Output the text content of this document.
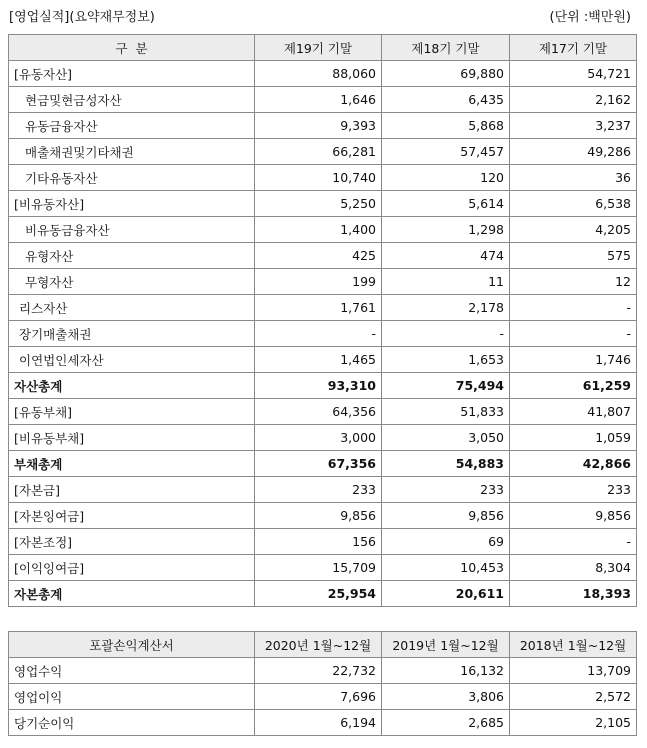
[영업실적](요약재무정보)	(단위 :백만원)
구  분	제19기 기말	제18기 기말	제17기 기말
[유동자산]	88,060	69,880	54,721
현금및현금성자산	1,646	6,435	2,162
유동금융자산	9,393	5,868	3,237
매출채권및기타채권	66,281	57,457	49,286
기타유동자산	10,740	120	36
[비유동자산]	5,250	5,614	6,538
비유동금융자산	1,400	1,298	4,205
유형자산	425	474	575
무형자산	199	11	12
리스자산	1,761	2,178	-
장기매출채권	-	-	-
이연법인세자산	1,465	1,653	1,746
자산총계	93,310	75,494	61,259
[유동부채]	64,356	51,833	41,807
[비유동부채]	3,000	3,050	1,059
부채총계	67,356	54,883	42,866
[자본금]	233	233	233
[자본잉여금]	9,856	9,856	9,856
[자본조정]	156	69	-
[이익잉여금]	15,709	10,453	8,304
자본총계	25,954	20,611	18,393

포괄손익계산서	2020년 1월~12월	2019년 1월~12월	2018년 1월~12월
영업수익	22,732	16,132	13,709
영업이익	7,696	3,806	2,572
당기순이익	6,194	2,685	2,105
